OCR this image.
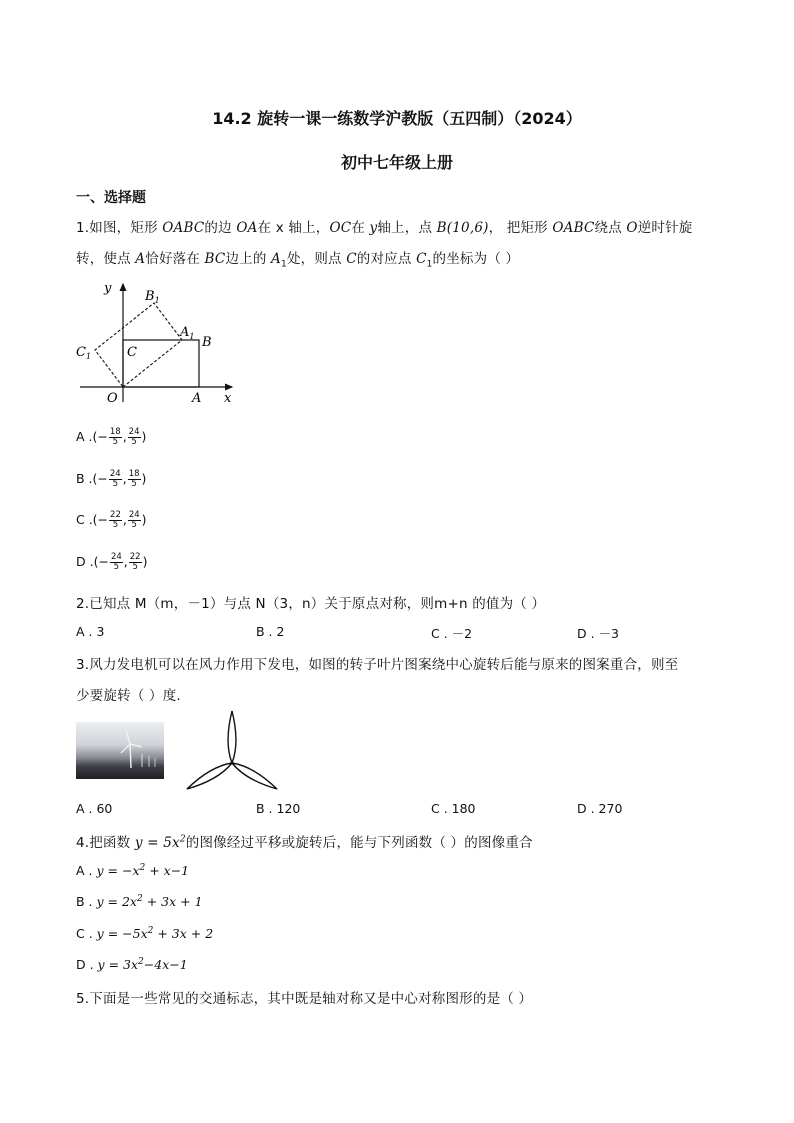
14.2 旋转一课一练数学沪教版（五四制）（2024）
初中七年级上册
一、选择题
1.如图，矩形 OABC的边 OA在 x 轴上，OC在 y轴上，点 B(10,6)， 把矩形 OABC绕点 O逆时针旋
转，使点 A恰好落在 BC边上的 $A_1$处，则点 C的对应点 $C_1$的坐标为（ ）
y
x
O	A
B
C
$A_1$
$B_1$
$C_1$
A .(− $\frac{18}{5}$ , $\frac{24}{5}$ )
B .(− $\frac{24}{5}$ , $\frac{18}{5}$ )
C .(− $\frac{22}{5}$ , $\frac{24}{5}$ )
D .(− $\frac{24}{5}$ , $\frac{22}{5}$ )
2.已知点 M（m，－1）与点 N（3，n）关于原点对称，则m+n 的值为（ ）
A . 3	B . 2	C . －2	D . －3
3.风力发电机可以在风力作用下发电，如图的转子叶片图案绕中心旋转后能与原来的图案重合，则至
少要旋转（ ）度.
A . 60	B . 120	C . 180	D . 270
4.把函数 $y = 5x^2$的图像经过平移或旋转后，能与下列函数（ ）的图像重合
A . $y = -x^2 + x-1$
B . $y = 2x^2 + 3x + 1$
C . $y = -5x^2 + 3x + 2$
D . $y = 3x^2-4x-1$
5.下面是一些常见的交通标志，其中既是轴对称又是中心对称图形的是（ ）
